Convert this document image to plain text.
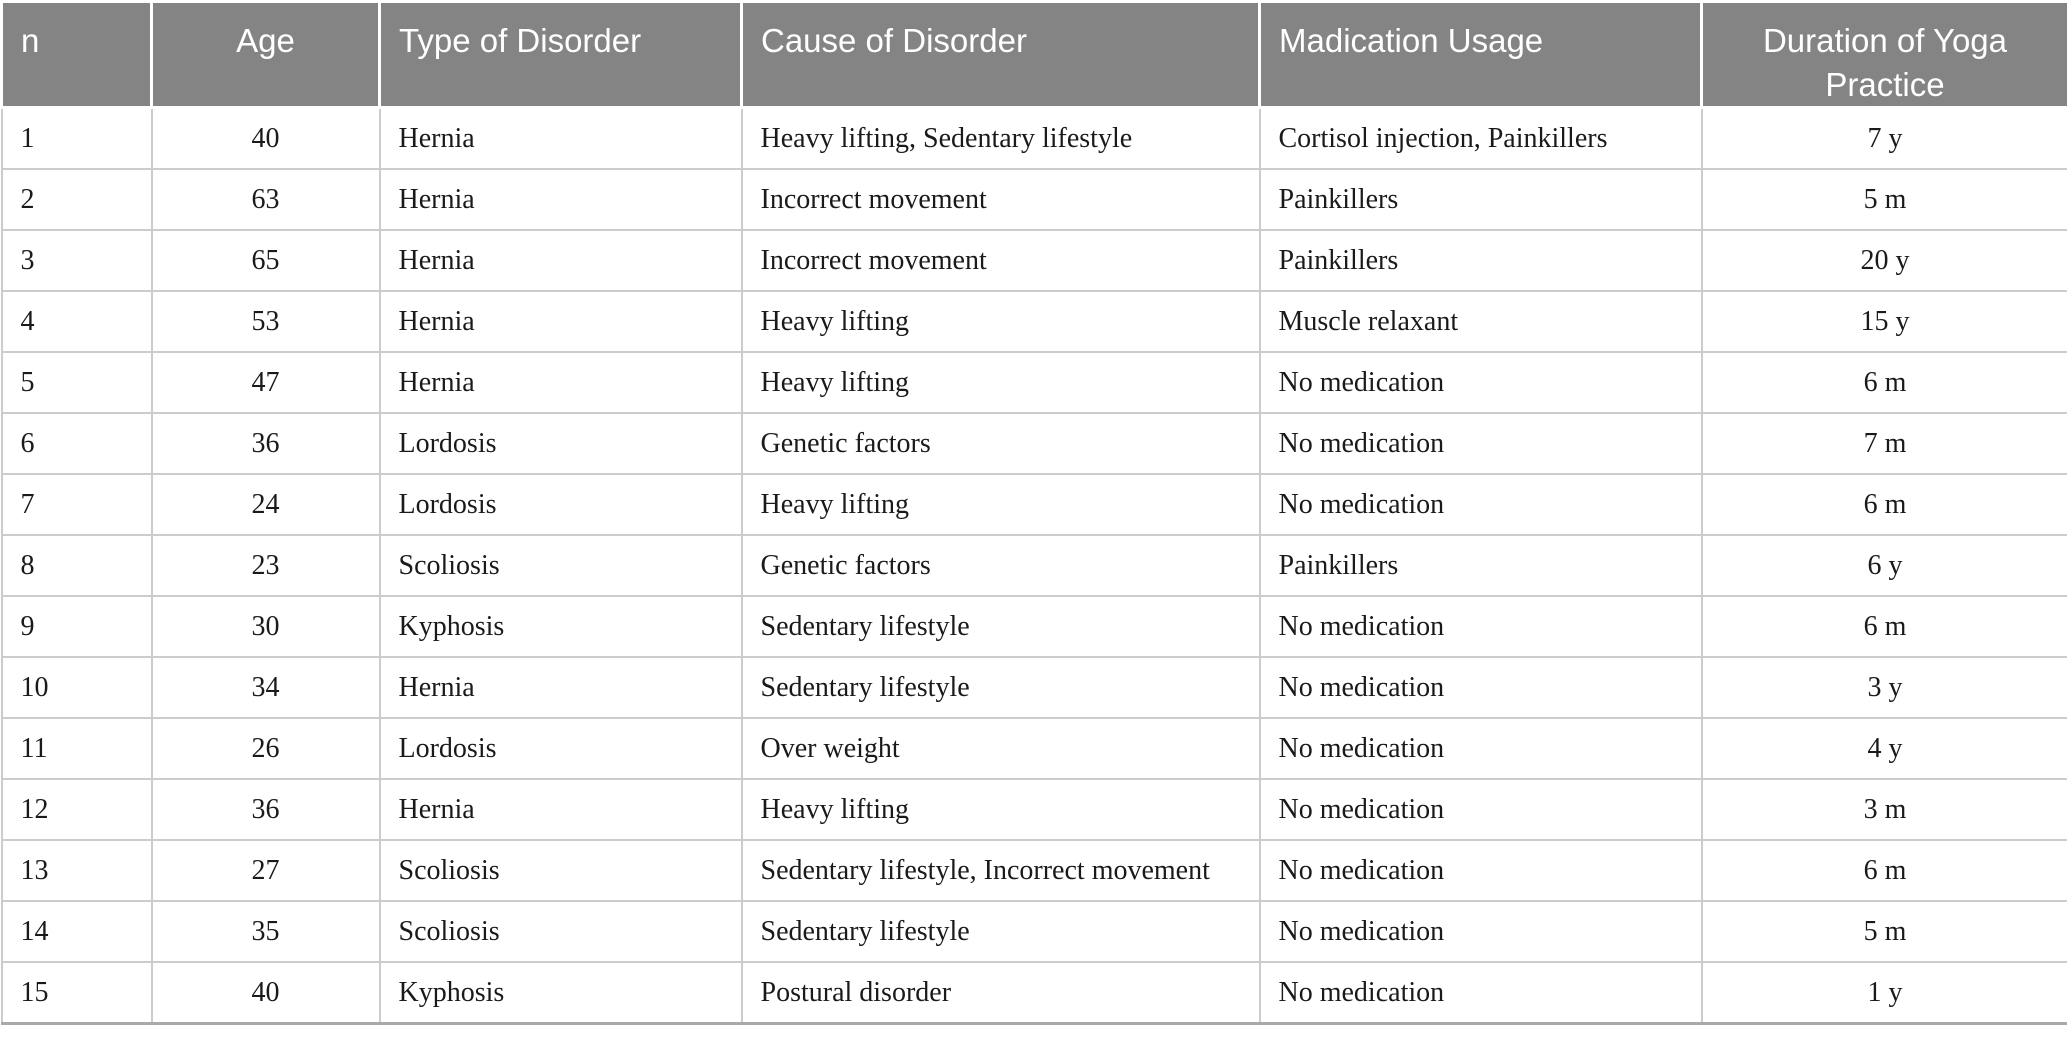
n	Age	Type of Disorder	Cause of Disorder	Madication Usage	Duration of Yoga Practice
1	40	Hernia	Heavy lifting, Sedentary lifestyle	Cortisol injection, Painkillers	7 y
2	63	Hernia	Incorrect movement	Painkillers	5 m
3	65	Hernia	Incorrect movement	Painkillers	20 y
4	53	Hernia	Heavy lifting	Muscle relaxant	15 y
5	47	Hernia	Heavy lifting	No medication	6 m
6	36	Lordosis	Genetic factors	No medication	7 m
7	24	Lordosis	Heavy lifting	No medication	6 m
8	23	Scoliosis	Genetic factors	Painkillers	6 y
9	30	Kyphosis	Sedentary lifestyle	No medication	6 m
10	34	Hernia	Sedentary lifestyle	No medication	3 y
11	26	Lordosis	Over weight	No medication	4 y
12	36	Hernia	Heavy lifting	No medication	3 m
13	27	Scoliosis	Sedentary lifestyle, Incorrect movement	No medication	6 m
14	35	Scoliosis	Sedentary lifestyle	No medication	5 m
15	40	Kyphosis	Postural disorder	No medication	1 y
